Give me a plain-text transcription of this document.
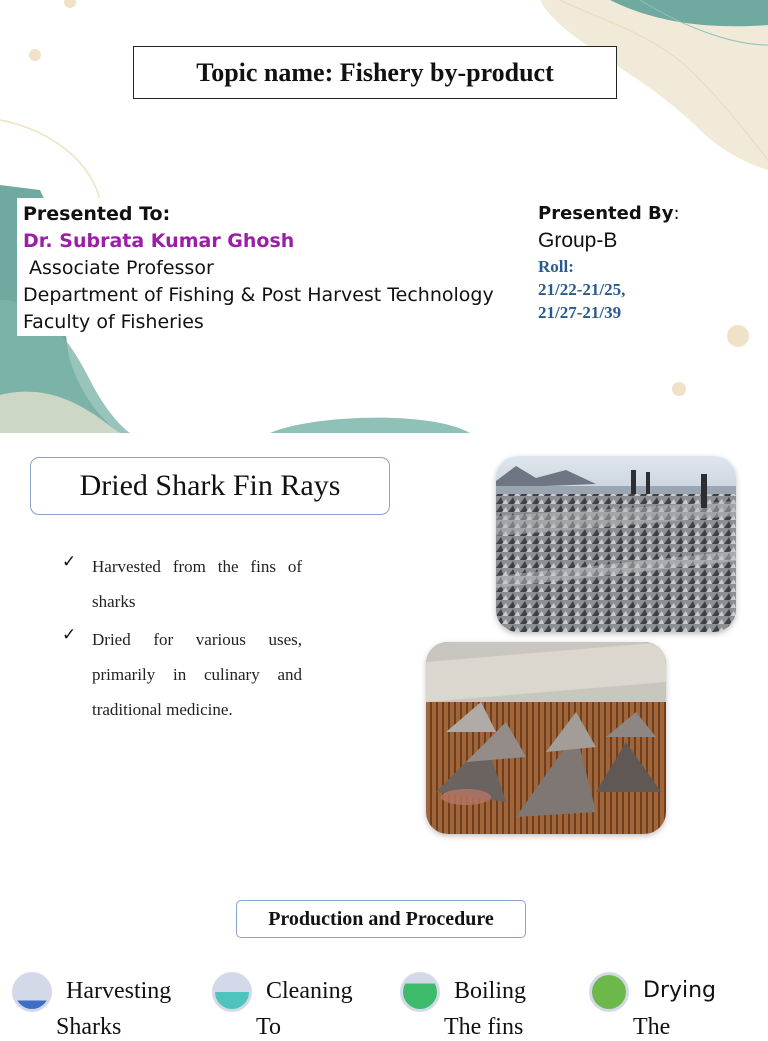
Topic name: Fishery by-product
Presented To:
Dr. Subrata Kumar Ghosh
Associate Professor
Department of Fishing & Post Harvest Technology
Faculty of Fisheries
Presented By:
Group-B
Roll:
21/22-21/25,
21/27-21/39
Dried Shark Fin Rays
✓ Harvested from the fins of sharks
✓ Dried for various uses, primarily in culinary and traditional medicine.
Production and Procedure
Harvesting
Sharks
Cleaning
To
Boiling
The fins
Drying
The
